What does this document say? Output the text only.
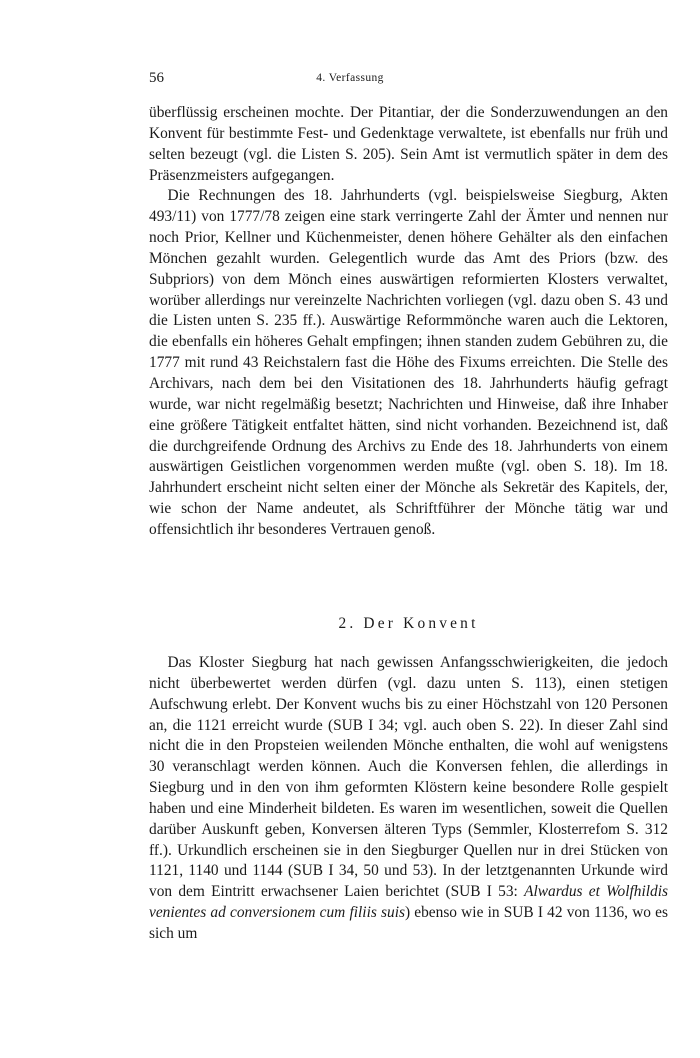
56	4. Verfassung

überflüssig erscheinen mochte. Der Pitantiar, der die Sonderzuwendungen an den Konvent für bestimmte Fest- und Gedenktage verwaltete, ist ebenfalls nur früh und selten bezeugt (vgl. die Listen S. 205). Sein Amt ist vermutlich später in dem des Präsenzmeisters aufgegangen.

Die Rechnungen des 18. Jahrhunderts (vgl. beispielsweise Siegburg, Akten 493/11) von 1777/78 zeigen eine stark verringerte Zahl der Ämter und nennen nur noch Prior, Kellner und Küchenmeister, denen höhere Gehälter als den einfachen Mönchen gezahlt wurden. Gelegentlich wurde das Amt des Priors (bzw. des Subpriors) von dem Mönch eines auswärtigen reformierten Klosters verwaltet, worüber allerdings nur vereinzelte Nachrichten vorliegen (vgl. dazu oben S. 43 und die Listen unten S. 235 ff.). Auswärtige Reformmönche waren auch die Lektoren, die ebenfalls ein höheres Gehalt empfingen; ihnen standen zudem Gebühren zu, die 1777 mit rund 43 Reichstalern fast die Höhe des Fixums erreichten. Die Stelle des Archivars, nach dem bei den Visitationen des 18. Jahrhunderts häufig gefragt wurde, war nicht regelmäßig besetzt; Nachrichten und Hinweise, daß ihre Inhaber eine größere Tätigkeit entfaltet hätten, sind nicht vorhanden. Bezeichnend ist, daß die durchgreifende Ordnung des Archivs zu Ende des 18. Jahrhunderts von einem auswärtigen Geistlichen vorgenommen werden mußte (vgl. oben S. 18). Im 18. Jahrhundert erscheint nicht selten einer der Mönche als Sekretär des Kapitels, der, wie schon der Name andeutet, als Schriftführer der Mönche tätig war und offensichtlich ihr besonderes Vertrauen genoß.

2. Der Konvent

Das Kloster Siegburg hat nach gewissen Anfangsschwierigkeiten, die jedoch nicht überbewertet werden dürfen (vgl. dazu unten S. 113), einen stetigen Aufschwung erlebt. Der Konvent wuchs bis zu einer Höchstzahl von 120 Personen an, die 1121 erreicht wurde (SUB I 34; vgl. auch oben S. 22). In dieser Zahl sind nicht die in den Propsteien weilenden Mönche enthalten, die wohl auf wenigstens 30 veranschlagt werden können. Auch die Konversen fehlen, die allerdings in Siegburg und in den von ihm geformten Klöstern keine besondere Rolle gespielt haben und eine Minderheit bildeten. Es waren im wesentlichen, soweit die Quellen darüber Auskunft geben, Konversen älteren Typs (Semmler, Klosterrefom S. 312 ff.). Urkundlich erscheinen sie in den Siegburger Quellen nur in drei Stücken von 1121, 1140 und 1144 (SUB I 34, 50 und 53). In der letztgenannten Urkunde wird von dem Eintritt erwachsener Laien berichtet (SUB I 53: Alwardus et Wolfhildis venientes ad conversionem cum filiis suis) ebenso wie in SUB I 42 von 1136, wo es sich um
